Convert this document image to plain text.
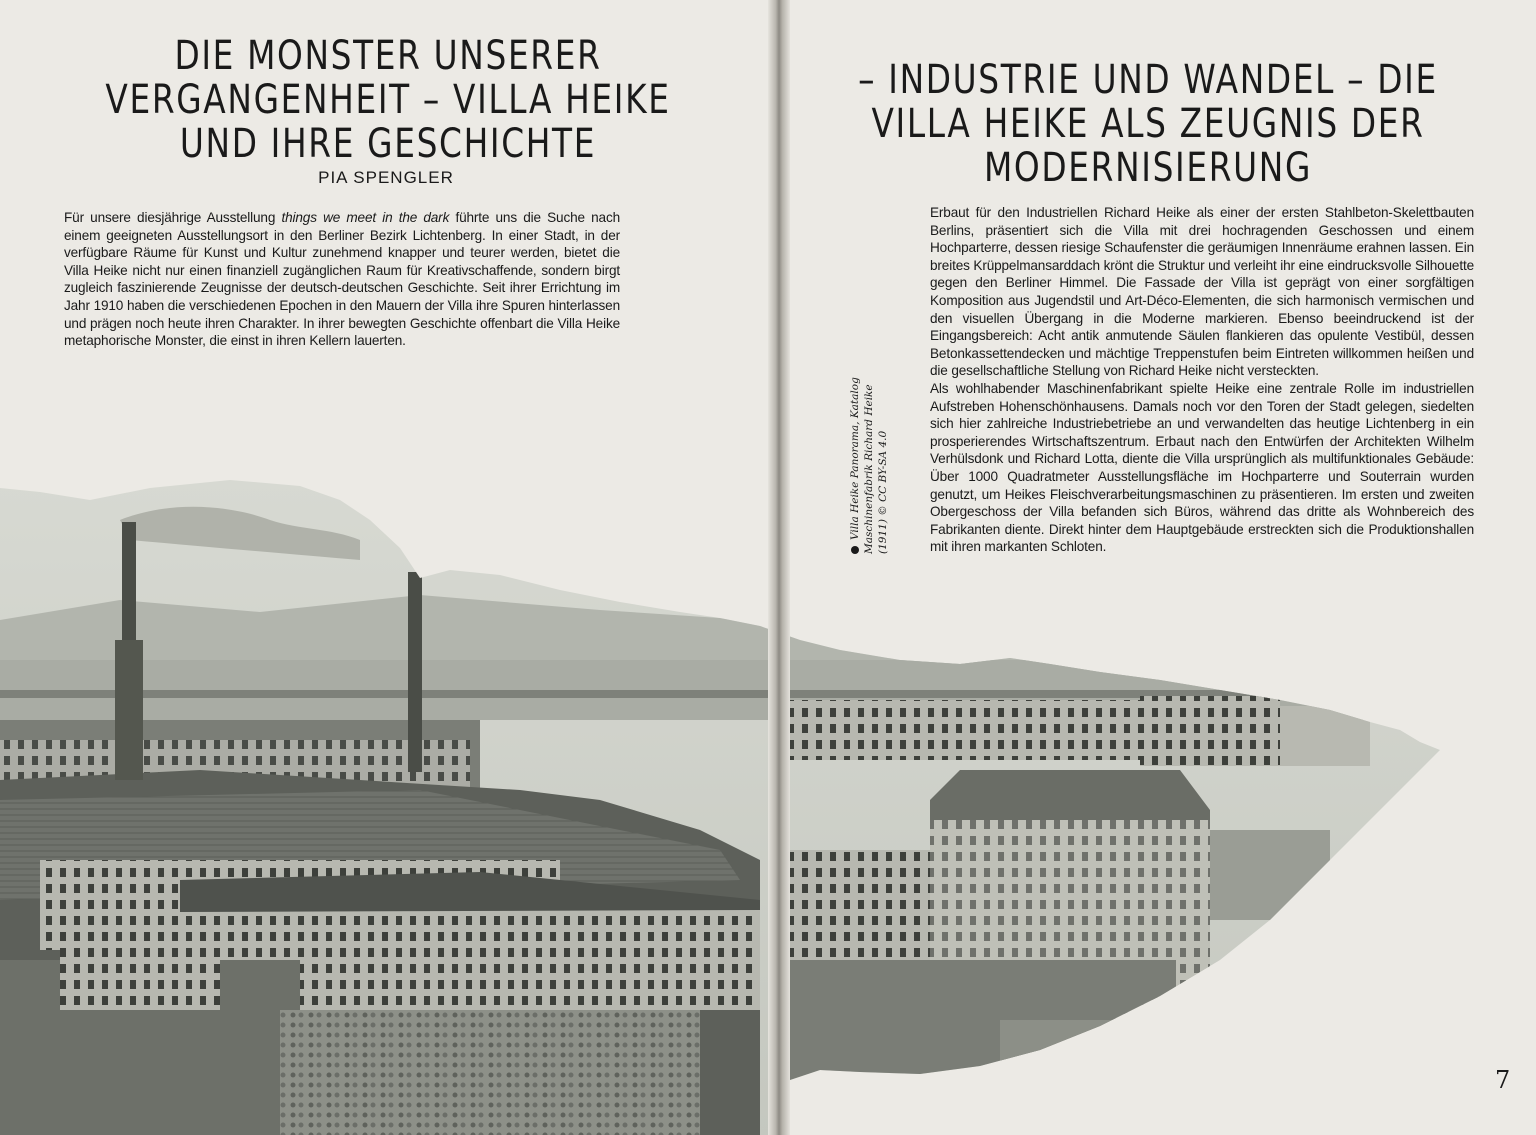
DIE MONSTER UNSERER VERGANGENHEIT – VILLA HEIKE UND IHRE GESCHICHTE
PIA SPENGLER

Für unsere diesjährige Ausstellung things we meet in the dark führte uns die Suche nach einem geeigneten Ausstellungsort in den Berliner Bezirk Lichtenberg. In einer Stadt, in der verfügbare Räume für Kunst und Kultur zunehmend knapper und teurer werden, bietet die Villa Heike nicht nur einen finanziell zugänglichen Raum für Kreativschaffende, sondern birgt zugleich faszinierende Zeugnisse der deutsch-deutschen Geschichte. Seit ihrer Errichtung im Jahr 1910 haben die verschiedenen Epochen in den Mauern der Villa ihre Spuren hinterlassen und prägen noch heute ihren Charakter. In ihrer bewegten Geschichte offenbart die Villa Heike metaphorische Monster, die einst in ihren Kellern lauerten.

– INDUSTRIE UND WANDEL – DIE VILLA HEIKE ALS ZEUGNIS DER MODERNISIERUNG
Erbaut für den Industriellen Richard Heike als einer der ersten Stahlbeton-Skelettbauten Berlins, präsentiert sich die Villa mit drei hochragenden Geschossen und einem Hochparterre, dessen riesige Schaufenster die geräumigen Innenräume erahnen lassen. Ein breites Krüppelmansarddach krönt die Struktur und verleiht ihr eine eindrucksvolle Silhouette gegen den Berliner Himmel. Die Fassade der Villa ist geprägt von einer sorgfältigen Komposition aus Jugendstil und Art-Déco-Elementen, die sich harmonisch vermischen und den visuellen Übergang in die Moderne markieren. Ebenso beeindruckend ist der Eingangsbereich: Acht antik anmutende Säulen flankieren das opulente Vestibül, dessen Betonkassettendecken und mächtige Treppenstufen beim Eintreten willkommen heißen und die gesellschaftliche Stellung von Richard Heike nicht versteckten.
Als wohlhabender Maschinenfabrikant spielte Heike eine zentrale Rolle im industriellen Aufstreben Hohenschönhausens. Damals noch vor den Toren der Stadt gelegen, siedelten sich hier zahlreiche Industriebetriebe an und verwandelten das heutige Lichtenberg in ein prosperierendes Wirtschaftszentrum. Erbaut nach den Entwürfen der Architekten Wilhelm Verhülsdonk und Richard Lotta, diente die Villa ursprünglich als multifunktionales Gebäude: Über 1000 Quadratmeter Ausstellungsfläche im Hochparterre und Souterrain wurden genutzt, um Heikes Fleischverarbeitungsmaschinen zu präsentieren. Im ersten und zweiten Obergeschoss der Villa befanden sich Büros, während das dritte als Wohnbereich des Fabrikanten diente. Direkt hinter dem Hauptgebäude erstreckten sich die Produktionshallen mit ihren markanten Schloten.
Villa Heike Panorama, Katalog Maschinenfabrik Richard Heike (1911) © CC BY-SA 4.0
7
